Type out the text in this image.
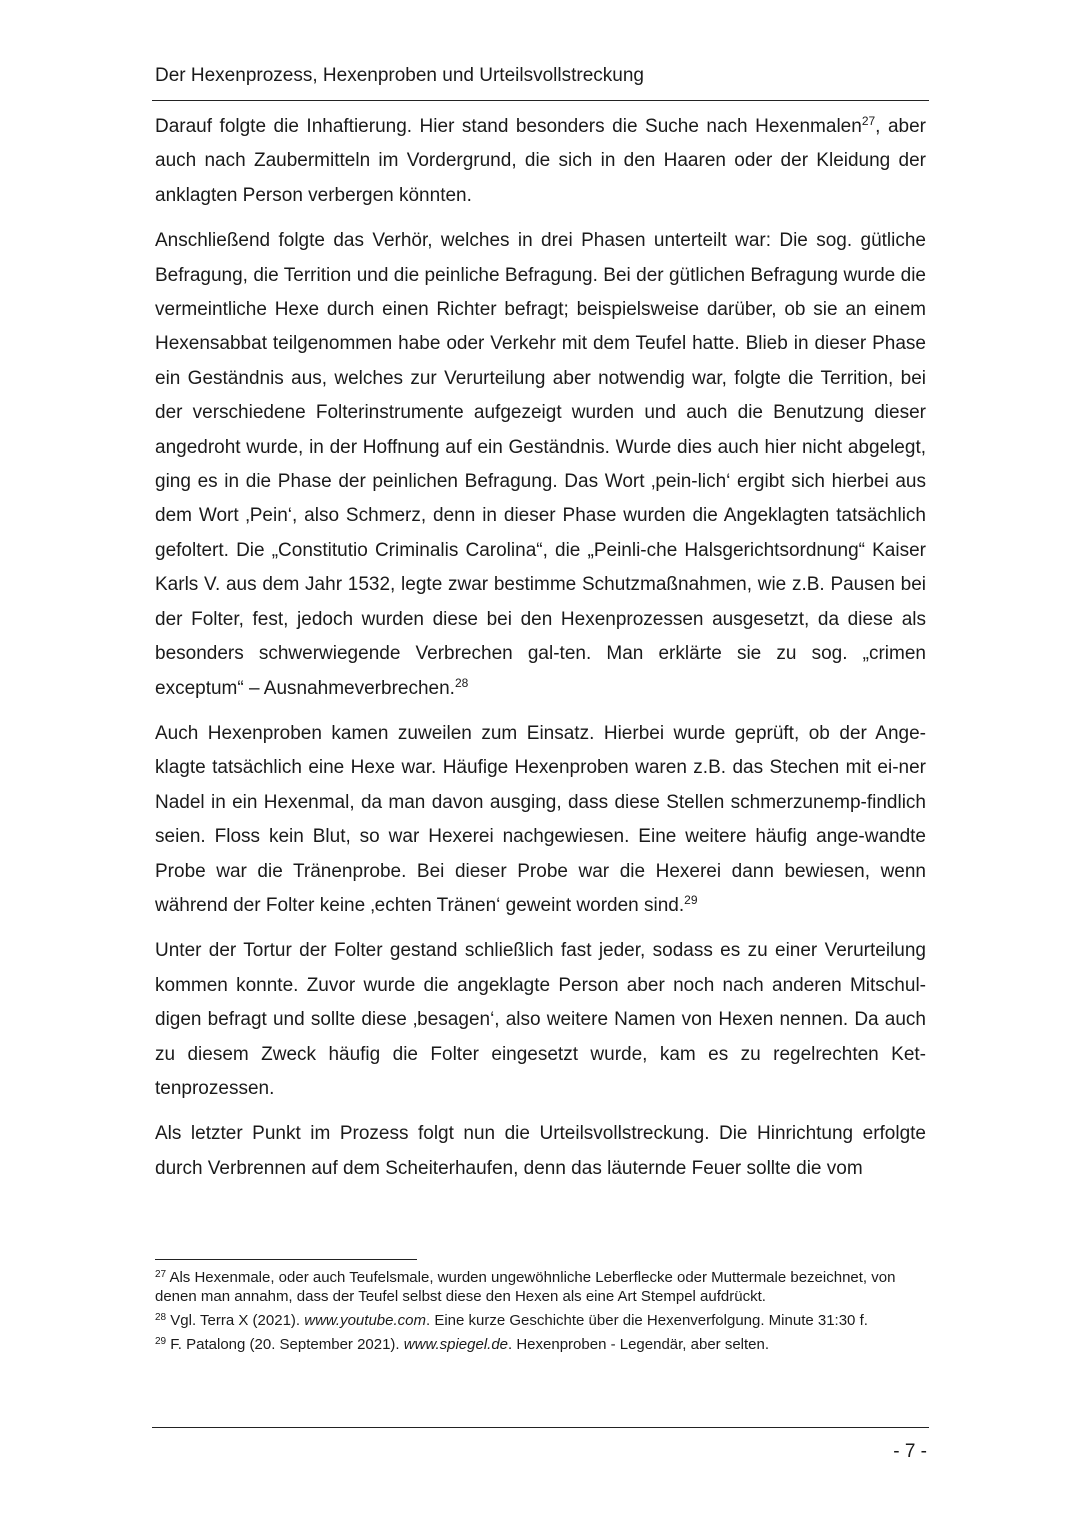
Der Hexenprozess, Hexenproben und Urteilsvollstreckung

Darauf folgte die Inhaftierung. Hier stand besonders die Suche nach Hexenmalen$^{27}$, aber auch nach Zaubermitteln im Vordergrund, die sich in den Haaren oder der Kleidung der anklagten Person verbergen könnten.

Anschließend folgte das Verhör, welches in drei Phasen unterteilt war: Die sog. gütliche Befragung, die Territion und die peinliche Befragung. Bei der gütlichen Befragung wurde die vermeintliche Hexe durch einen Richter befragt; beispielsweise darüber, ob sie an einem Hexensabbat teilgenommen habe oder Verkehr mit dem Teufel hatte. Blieb in dieser Phase ein Geständnis aus, welches zur Verurteilung aber notwendig war, folgte die Territion, bei der verschiedene Folterinstrumente aufgezeigt wurden und auch die Benutzung dieser angedroht wurde, in der Hoffnung auf ein Geständnis. Wurde dies auch hier nicht abgelegt, ging es in die Phase der peinlichen Befragung. Das Wort ‚pein-lich‘ ergibt sich hierbei aus dem Wort ‚Pein‘, also Schmerz, denn in dieser Phase wurden die Angeklagten tatsächlich gefoltert. Die „Constitutio Criminalis Carolina“, die „Peinli-che Halsgerichtsordnung“ Kaiser Karls V. aus dem Jahr 1532, legte zwar bestimme Schutzmaßnahmen, wie z.B. Pausen bei der Folter, fest, jedoch wurden diese bei den Hexenprozessen ausgesetzt, da diese als besonders schwerwiegende Verbrechen gal-ten. Man erklärte sie zu sog. „crimen exceptum“ – Ausnahmeverbrechen.$^{28}$

Auch Hexenproben kamen zuweilen zum Einsatz. Hierbei wurde geprüft, ob der Ange-klagte tatsächlich eine Hexe war. Häufige Hexenproben waren z.B. das Stechen mit ei-ner Nadel in ein Hexenmal, da man davon ausging, dass diese Stellen schmerzunemp-findlich seien. Floss kein Blut, so war Hexerei nachgewiesen. Eine weitere häufig ange-wandte Probe war die Tränenprobe. Bei dieser Probe war die Hexerei dann bewiesen, wenn während der Folter keine ‚echten Tränen‘ geweint worden sind.$^{29}$

Unter der Tortur der Folter gestand schließlich fast jeder, sodass es zu einer Verurteilung kommen konnte. Zuvor wurde die angeklagte Person aber noch nach anderen Mitschul-digen befragt und sollte diese ‚besagen‘, also weitere Namen von Hexen nennen. Da auch zu diesem Zweck häufig die Folter eingesetzt wurde, kam es zu regelrechten Ket-tenprozessen.

Als letzter Punkt im Prozess folgt nun die Urteilsvollstreckung. Die Hinrichtung erfolgte durch Verbrennen auf dem Scheiterhaufen, denn das läuternde Feuer sollte die vom

$^{27}$ Als Hexenmale, oder auch Teufelsmale, wurden ungewöhnliche Leberflecke oder Muttermale bezeichnet, von denen man annahm, dass der Teufel selbst diese den Hexen als eine Art Stempel aufdrückt.

$^{28}$ Vgl. Terra X (2021). www.youtube.com. Eine kurze Geschichte über die Hexenverfolgung. Minute 31:30 f.

$^{29}$ F. Patalong (20. September 2021). www.spiegel.de. Hexenproben - Legendär, aber selten.

- 7 -
